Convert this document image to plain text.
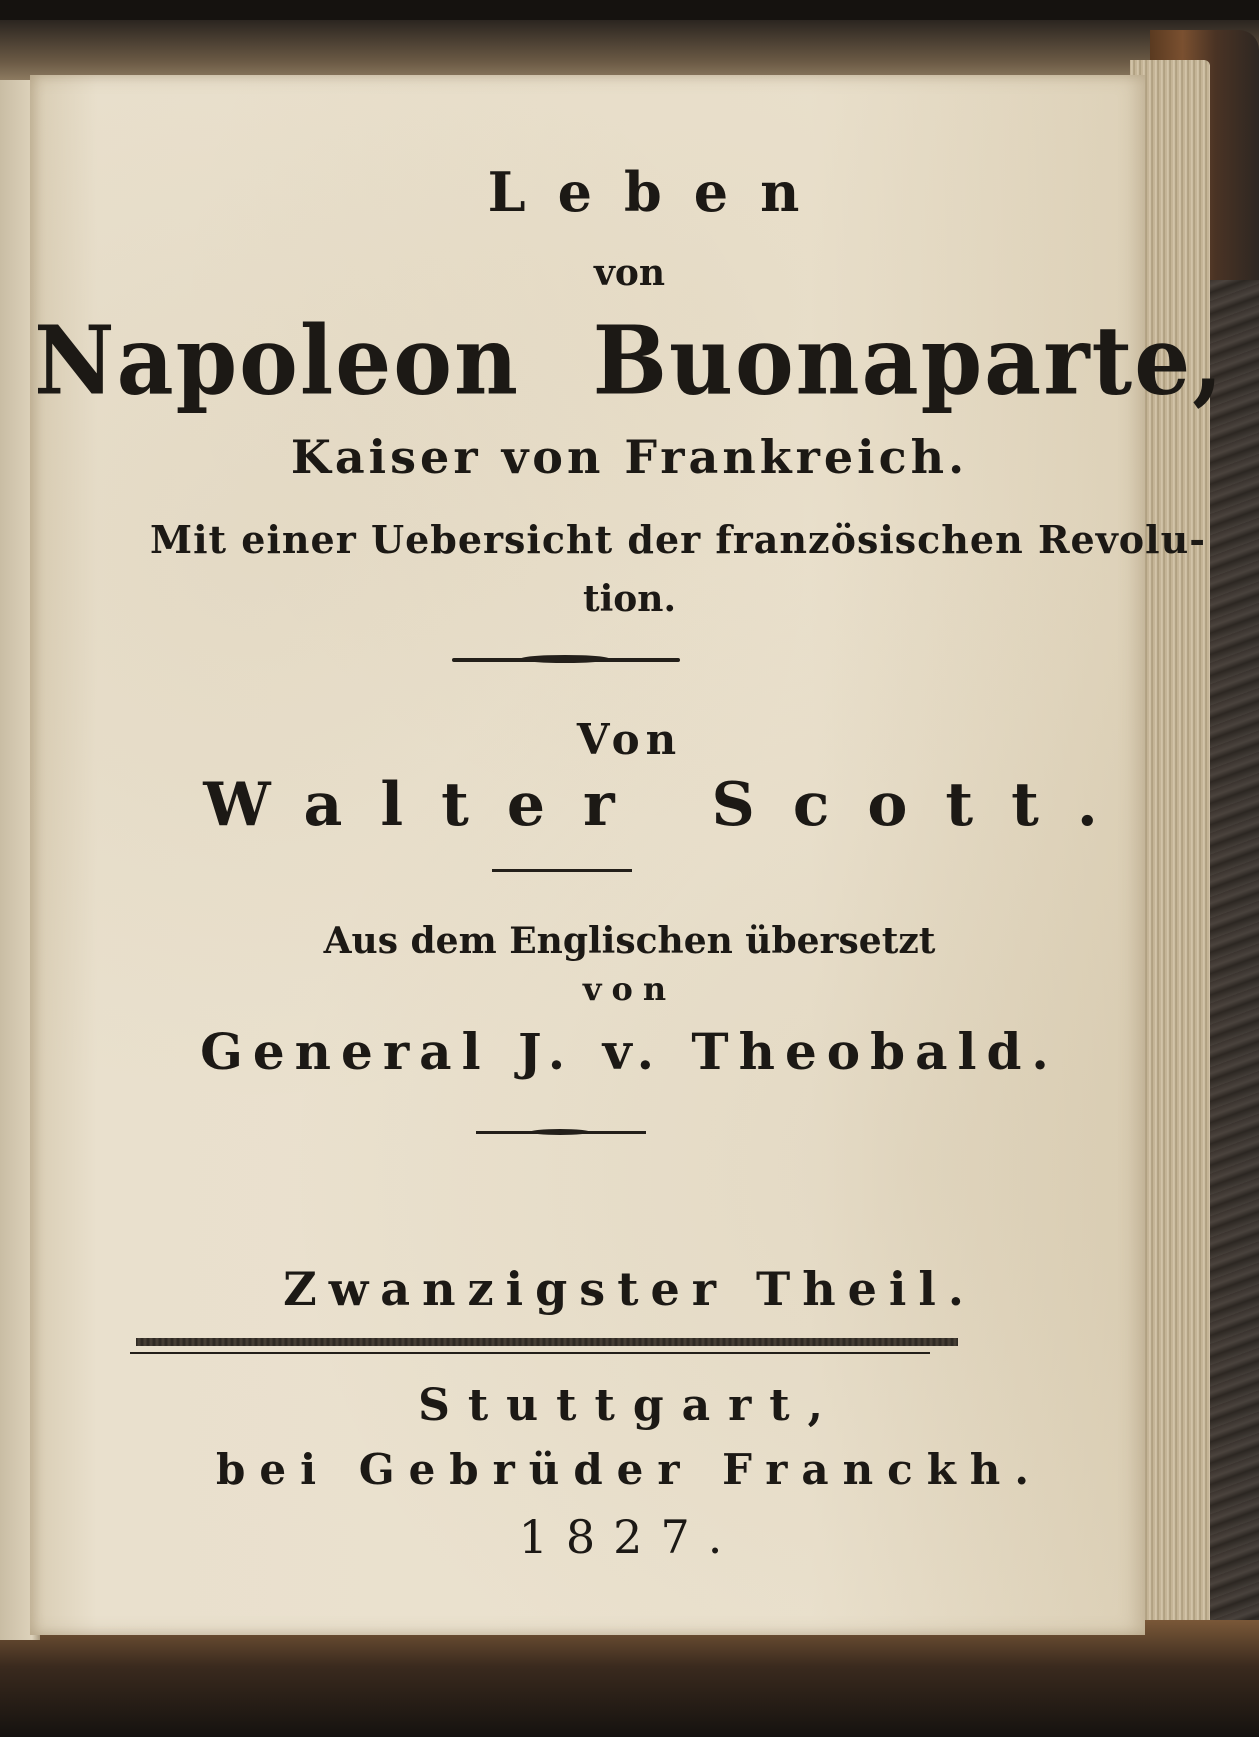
Leben
von
Napoleon Buonaparte,
Kaiser von Frankreich.
Mit einer Uebersicht der französischen Revolu-
tion.
Von
Walter Scott.
Aus dem Englischen übersetzt
von
General J. v. Theobald.
Zwanzigster Theil.
Stuttgart,
bei Gebrüder Franckh.
1827.
